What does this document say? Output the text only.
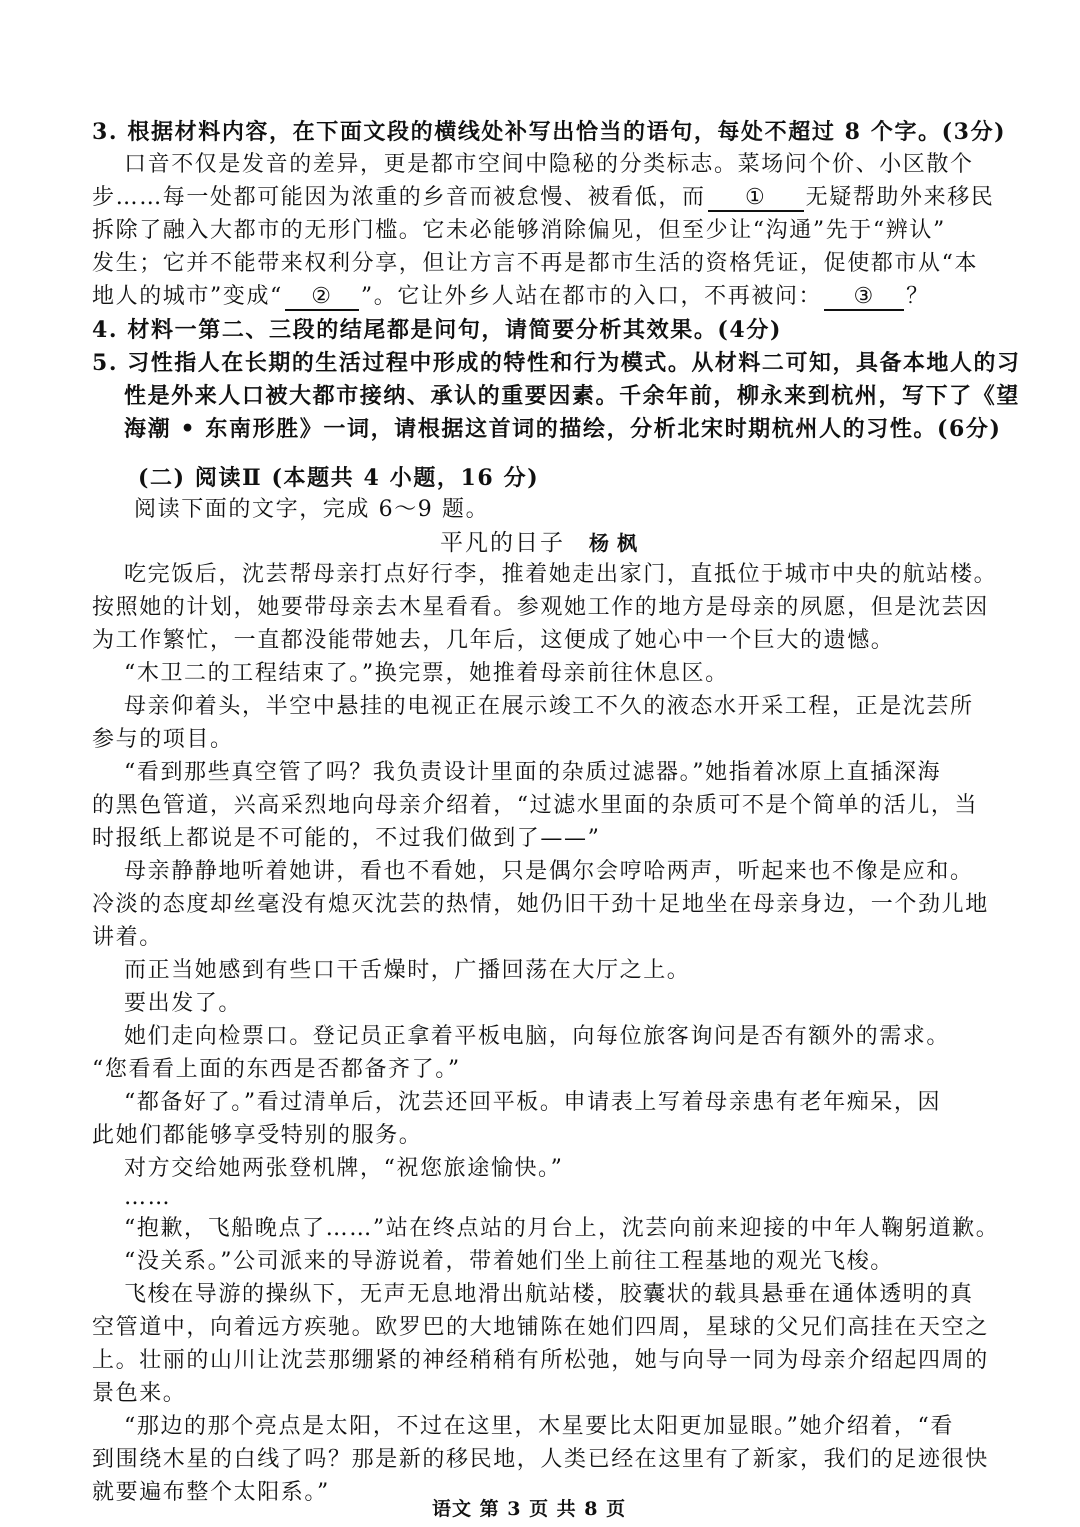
3. 根据材料内容，在下面文段的横线处补写出恰当的语句，每处不超过 8 个字。(3分)
口音不仅是发音的差异，更是都市空间中隐秘的分类标志。菜场问个价、小区散个
步……每一处都可能因为浓重的乡音而被怠慢、被看低，而 ① 无疑帮助外来移民
拆除了融入大都市的无形门槛。它未必能够消除偏见，但至少让“沟通”先于“辨认”
发生；它并不能带来权利分享，但让方言不再是都市生活的资格凭证，促使都市从“本
地人的城市”变成“ ② ”。它让外乡人站在都市的入口，不再被问： ③ ？
4. 材料一第二、三段的结尾都是问句，请简要分析其效果。(4分)
5. 习性指人在长期的生活过程中形成的特性和行为模式。从材料二可知，具备本地人的习
性是外来人口被大都市接纳、承认的重要因素。千余年前，柳永来到杭州，写下了《望
海潮 • 东南形胜》一词，请根据这首词的描绘，分析北宋时期杭州人的习性。(6分)
(二) 阅读Ⅱ (本题共 4 小题，16 分)
阅读下面的文字，完成 6～9 题。
平凡的日子 杨枫
吃完饭后，沈芸帮母亲打点好行李，推着她走出家门，直抵位于城市中央的航站楼。
按照她的计划，她要带母亲去木星看看。参观她工作的地方是母亲的夙愿，但是沈芸因
为工作繁忙，一直都没能带她去，几年后，这便成了她心中一个巨大的遗憾。
“木卫二的工程结束了。”换完票，她推着母亲前往休息区。
母亲仰着头，半空中悬挂的电视正在展示竣工不久的液态水开采工程，正是沈芸所
参与的项目。
“看到那些真空管了吗？我负责设计里面的杂质过滤器。”她指着冰原上直插深海
的黑色管道，兴高采烈地向母亲介绍着，“过滤水里面的杂质可不是个简单的活儿，当
时报纸上都说是不可能的，不过我们做到了——”
母亲静静地听着她讲，看也不看她，只是偶尔会哼哈两声，听起来也不像是应和。
冷淡的态度却丝毫没有熄灭沈芸的热情，她仍旧干劲十足地坐在母亲身边，一个劲儿地
讲着。
而正当她感到有些口干舌燥时，广播回荡在大厅之上。
要出发了。
她们走向检票口。登记员正拿着平板电脑，向每位旅客询问是否有额外的需求。
“您看看上面的东西是否都备齐了。”
“都备好了。”看过清单后，沈芸还回平板。申请表上写着母亲患有老年痴呆，因
此她们都能够享受特别的服务。
对方交给她两张登机牌，“祝您旅途愉快。”
……
“抱歉，飞船晚点了……”站在终点站的月台上，沈芸向前来迎接的中年人鞠躬道歉。
“没关系。”公司派来的导游说着，带着她们坐上前往工程基地的观光飞梭。
飞梭在导游的操纵下，无声无息地滑出航站楼，胶囊状的载具悬垂在通体透明的真
空管道中，向着远方疾驰。欧罗巴的大地铺陈在她们四周，星球的父兄们高挂在天空之
上。壮丽的山川让沈芸那绷紧的神经稍稍有所松弛，她与向导一同为母亲介绍起四周的
景色来。
“那边的那个亮点是太阳，不过在这里，木星要比太阳更加显眼。”她介绍着，“看
到围绕木星的白线了吗？那是新的移民地，人类已经在这里有了新家，我们的足迹很快
就要遍布整个太阳系。”
语文 第 3 页 共 8 页
